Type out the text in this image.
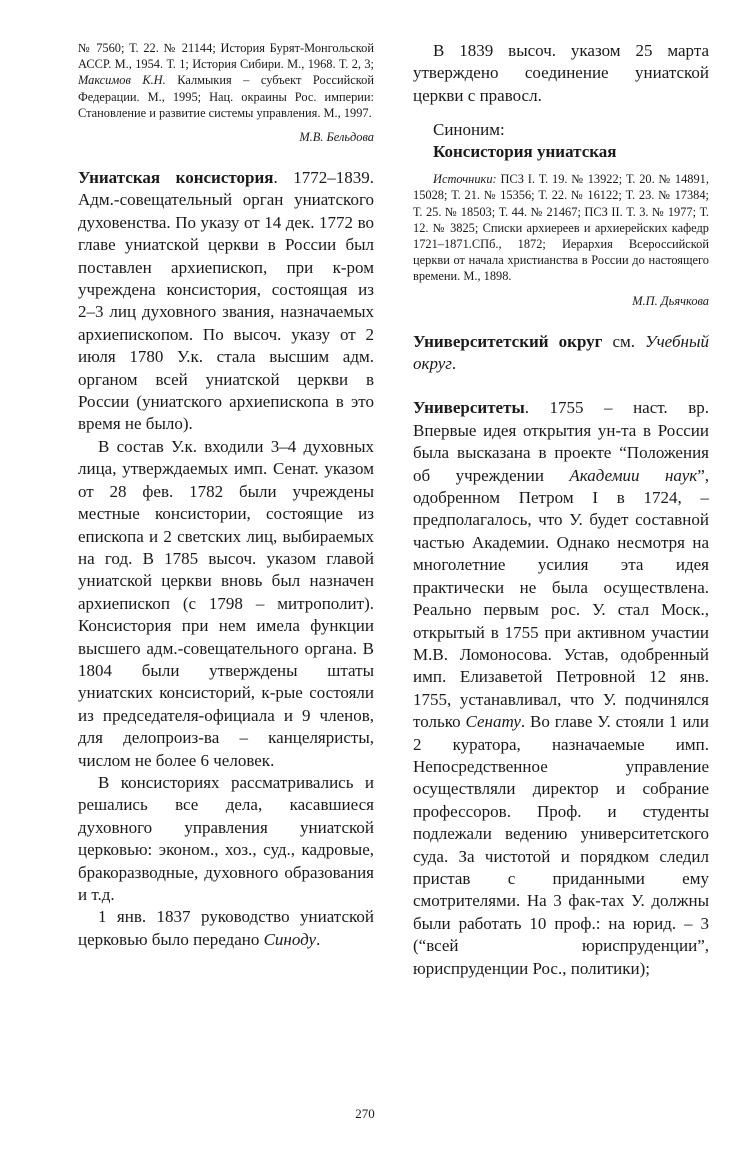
№ 7560; Т. 22. № 21144; История Бурят-Монгольской АССР. М., 1954. Т. 1; История Сибири. М., 1968. Т. 2, 3; Максимов К.Н. Калмыкия – субъект Российской Федерации. М., 1995; Нац. окраины Рос. империи: Становление и развитие системы управления. М., 1997.

М.В. Бельдова

Униатская консистория. 1772–1839. Адм.-совещательный орган униатского духовенства. По указу от 14 дек. 1772 во главе униатской церкви в России был поставлен архиепископ, при к-ром учреждена консистория, состоящая из 2–3 лиц духовного звания, назначаемых архиепископом. По высоч. указу от 2 июля 1780 У.к. стала высшим адм. органом всей униатской церкви в России (униатского архиепископа в это время не было).

В состав У.к. входили 3–4 духовных лица, утверждаемых имп. Сенат. указом от 28 фев. 1782 были учреждены местные консистории, состоящие из епископа и 2 светских лиц, выбираемых на год. В 1785 высоч. указом главой униатской церкви вновь был назначен архиепископ (с 1798 – митрополит). Консистория при нем имела функции высшего адм.-совещательного органа. В 1804 были утверждены штаты униатских консисторий, к-рые состояли из председателя-официала и 9 членов, для делопроиз-ва – канцеляристы, числом не более 6 человек.

В консисториях рассматривались и решались все дела, касавшиеся духовного управления униатской церковью: эконом., хоз., суд., кадровые, бракоразводные, духовного образования и т.д.

1 янв. 1837 руководство униатской церковью было передано Синоду.

В 1839 высоч. указом 25 марта утверждено соединение униатской церкви с правосл.

Синоним:

Консистория униатская

Источники: ПСЗ I. Т. 19. № 13922; Т. 20. № 14891, 15028; Т. 21. № 15356; Т. 22. № 16122; Т. 23. № 17384; Т. 25. № 18503; Т. 44. № 21467; ПСЗ II. Т. 3. № 1977; Т. 12. № 3825; Списки архиереев и архиерейских кафедр 1721–1871.СПб., 1872; Иерархия Всероссийской церкви от начала христианства в России до настоящего времени. М., 1898.

М.П. Дьячкова

Университетский округ см. Учебный округ.

Университеты. 1755 – наст. вр. Впервые идея открытия ун-та в России была высказана в проекте “Положения об учреждении Академии наук”, одобренном Петром I в 1724, – предполагалось, что У. будет составной частью Академии. Однако несмотря на многолетние усилия эта идея практически не была осуществлена. Реально первым рос. У. стал Моск., открытый в 1755 при активном участии М.В. Ломоносова. Устав, одобренный имп. Елизаветой Петровной 12 янв. 1755, устанавливал, что У. подчинялся только Сенату. Во главе У. стояли 1 или 2 куратора, назначаемые имп. Непосредственное управление осуществляли директор и собрание профессоров. Проф. и студенты подлежали ведению университетского суда. За чистотой и порядком следил пристав с приданными ему смотрителями. На 3 фак-тах У. должны были работать 10 проф.: на юрид. – 3 (“всей юриспруденции”, юриспруденции Рос., политики);

270
